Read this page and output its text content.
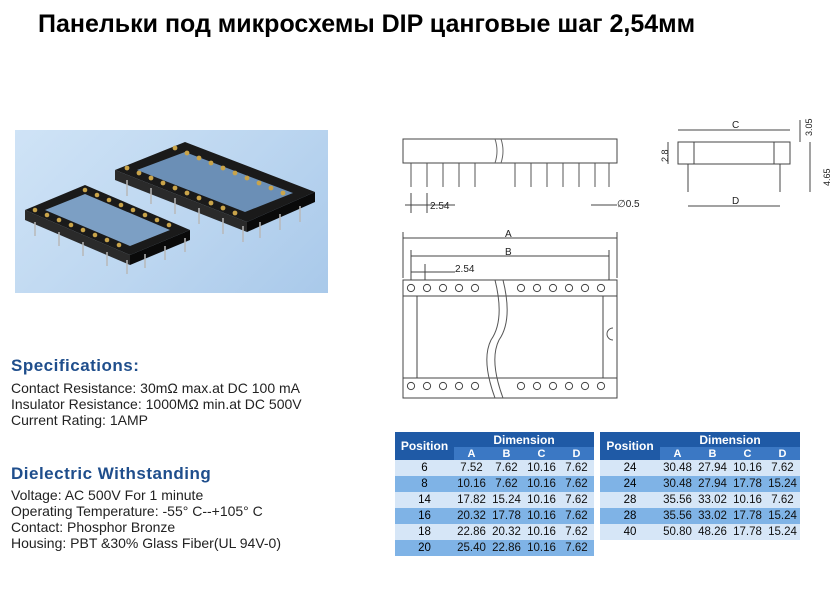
Панельки под микросхемы DIP цанговые шаг 2,54мм
Specifications:
Contact Resistance: 30mΩ max.at DC 100 mA
Insulator Resistance: 1000MΩ min.at DC 500V
Current Rating: 1AMP
Dielectric Withstanding
Voltage: AC 500V For 1 minute
Operating Temperature: -55° C--+105° C
Contact: Phosphor Bronze
Housing: PBT &30% Glass Fiber(UL 94V-0)
2.54	∅0.5
C
D
2.8
3.05
4.65
A
B
2.54
Position	Dimension			
	A	B	C	D
6	7.52	7.62	10.16	7.62
8	10.16	7.62	10.16	7.62
14	17.82	15.24	10.16	7.62
16	20.32	17.78	10.16	7.62
18	22.86	20.32	10.16	7.62
20	25.40	22.86	10.16	7.62
Position	Dimension			
	A	B	C	D
24	30.48	27.94	10.16	7.62
24	30.48	27.94	17.78	15.24
28	35.56	33.02	10.16	7.62
28	35.56	33.02	17.78	15.24
40	50.80	48.26	17.78	15.24
